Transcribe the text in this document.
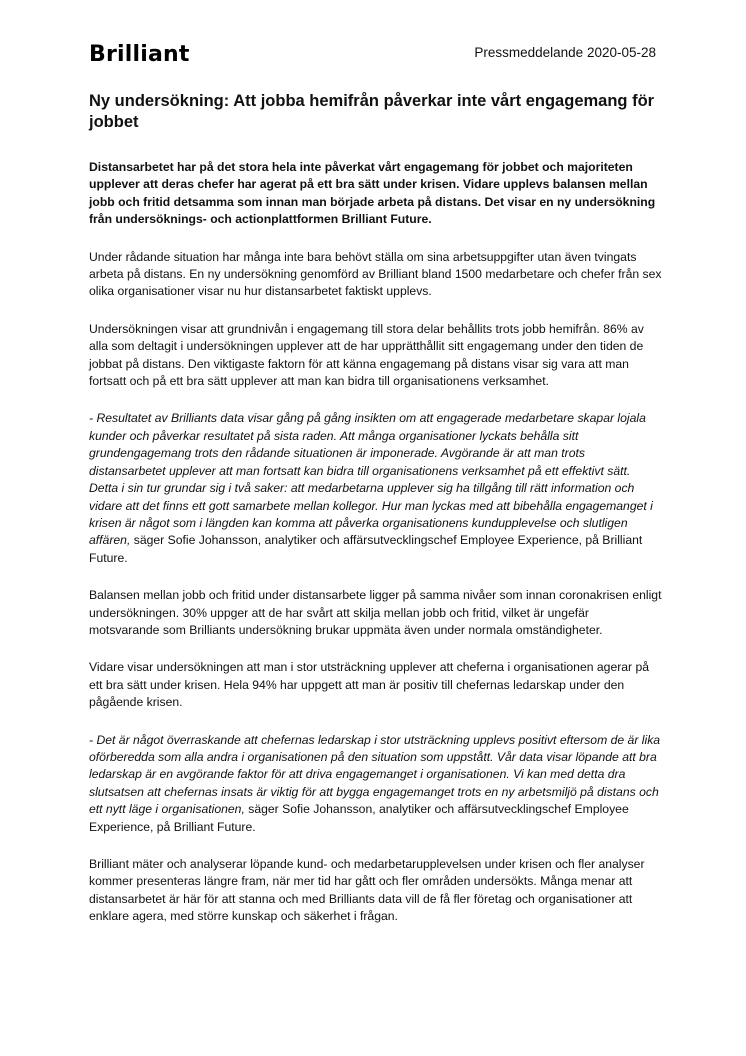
Brilliant	Pressmeddelande 2020-05-28
Ny undersökning: Att jobba hemifrån påverkar inte vårt engagemang för jobbet

Distansarbetet har på det stora hela inte påverkat vårt engagemang för jobbet och majoriteten upplever att deras chefer har agerat på ett bra sätt under krisen. Vidare upplevs balansen mellan jobb och fritid detsamma som innan man började arbeta på distans. Det visar en ny undersökning från undersöknings- och actionplattformen Brilliant Future.

Under rådande situation har många inte bara behövt ställa om sina arbetsuppgifter utan även tvingats arbeta på distans. En ny undersökning genomförd av Brilliant bland 1500 medarbetare och chefer från sex olika organisationer visar nu hur distansarbetet faktiskt upplevs.

Undersökningen visar att grundnivån i engagemang till stora delar behållits trots jobb hemifrån. 86% av alla som deltagit i undersökningen upplever att de har upprätthållit sitt engagemang under den tiden de jobbat på distans. Den viktigaste faktorn för att känna engagemang på distans visar sig vara att man fortsatt och på ett bra sätt upplever att man kan bidra till organisationens verksamhet.

- Resultatet av Brilliants data visar gång på gång insikten om att engagerade medarbetare skapar lojala kunder och påverkar resultatet på sista raden. Att många organisationer lyckats behålla sitt grundengagemang trots den rådande situationen är imponerade. Avgörande är att man trots distansarbetet upplever att man fortsatt kan bidra till organisationens verksamhet på ett effektivt sätt. Detta i sin tur grundar sig i två saker: att medarbetarna upplever sig ha tillgång till rätt information och vidare att det finns ett gott samarbete mellan kollegor. Hur man lyckas med att bibehålla engagemanget i krisen är något som i längden kan komma att påverka organisationens kundupplevelse och slutligen affären, säger Sofie Johansson, analytiker och affärsutvecklingschef Employee Experience, på Brilliant Future.

Balansen mellan jobb och fritid under distansarbete ligger på samma nivåer som innan coronakrisen enligt undersökningen. 30% uppger att de har svårt att skilja mellan jobb och fritid, vilket är ungefär motsvarande som Brilliants undersökning brukar uppmäta även under normala omständigheter.

Vidare visar undersökningen att man i stor utsträckning upplever att cheferna i organisationen agerar på ett bra sätt under krisen. Hela 94% har uppgett att man är positiv till chefernas ledarskap under den pågående krisen.

- Det är något överraskande att chefernas ledarskap i stor utsträckning upplevs positivt eftersom de är lika oförberedda som alla andra i organisationen på den situation som uppstått. Vår data visar löpande att bra ledarskap är en avgörande faktor för att driva engagemanget i organisationen. Vi kan med detta dra slutsatsen att chefernas insats är viktig för att bygga engagemanget trots en ny arbetsmiljö på distans och ett nytt läge i organisationen, säger Sofie Johansson, analytiker och affärsutvecklingschef Employee Experience, på Brilliant Future.

Brilliant mäter och analyserar löpande kund- och medarbetarupplevelsen under krisen och fler analyser kommer presenteras längre fram, när mer tid har gått och fler områden undersökts. Många menar att distansarbetet är här för att stanna och med Brilliants data vill de få fler företag och organisationer att enklare agera, med större kunskap och säkerhet i frågan.
